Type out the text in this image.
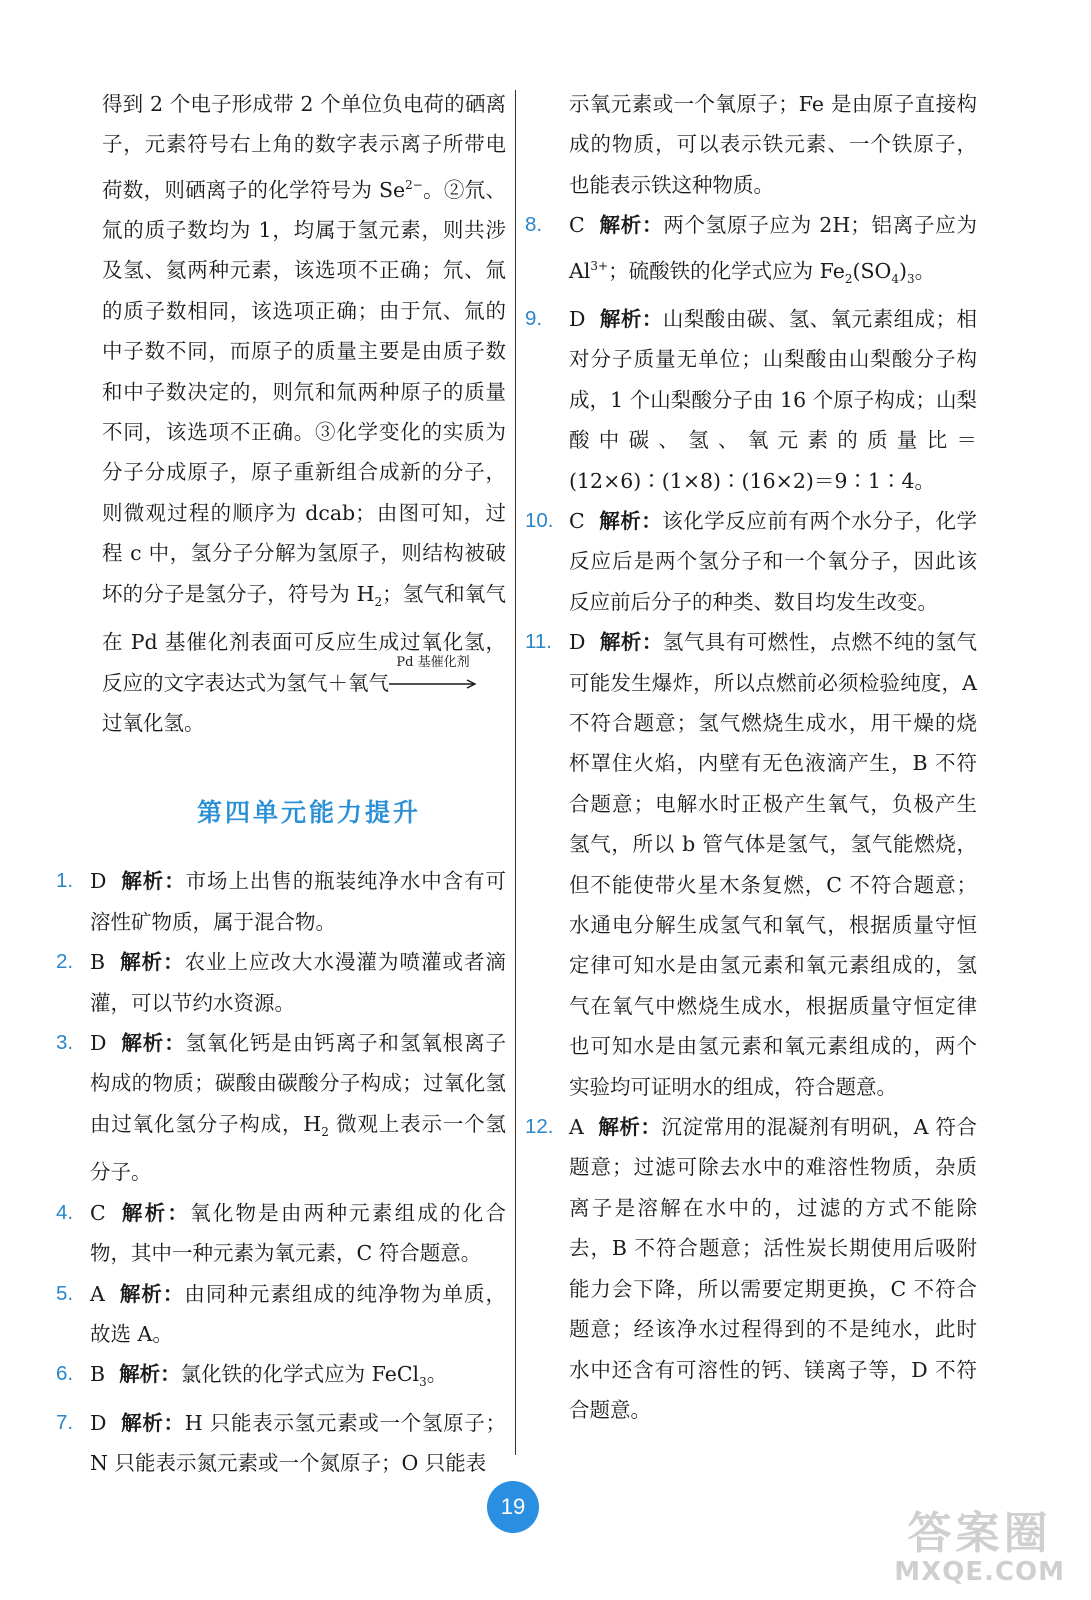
得到 2 个电子形成带 2 个单位负电荷的硒离子，元素符号右上角的数字表示离子所带电荷数，则硒离子的化学符号为 $Se^{2-}$。②氘、氚的质子数均为 1，均属于氢元素，则共涉及氢、氦两种元素，该选项不正确；氘、氚的质子数相同，该选项正确；由于氘、氚的中子数不同，而原子的质量主要是由质子数和中子数决定的，则氘和氚两种原子的质量不同，该选项不正确。③化学变化的实质为分子分成原子，原子重新组合成新的分子，则微观过程的顺序为 dcab；由图可知，过程 c 中，氢分子分解为氢原子，则结构被破坏的分子是氢分子，符号为 $H_2$；氢气和氧气在 Pd 基催化剂表面可反应生成过氧化氢，反应的文字表达式为氢气＋氧气
Pd 基催化剂

过氧化氢。

第四单元能力提升

1. D 解析：市场上出售的瓶装纯净水中含有可溶性矿物质，属于混合物。

2. B 解析：农业上应改大水漫灌为喷灌或者滴灌，可以节约水资源。

3. D 解析：氢氧化钙是由钙离子和氢氧根离子构成的物质；碳酸由碳酸分子构成；过氧化氢由过氧化氢分子构成，$H_2$ 微观上表示一个氢分子。

4. C 解析：氧化物是由两种元素组成的化合物，其中一种元素为氧元素，C 符合题意。

5. A 解析：由同种元素组成的纯净物为单质，故选 A。

6. B 解析：氯化铁的化学式应为 FeCl$_3$。

7. D 解析：H 只能表示氢元素或一个氢原子；N 只能表示氮元素或一个氮原子；O 只能表

示氧元素或一个氧原子；Fe 是由原子直接构成的物质，可以表示铁元素、一个铁原子，也能表示铁这种物质。

8. C 解析：两个氢原子应为 2H；铝离子应为 $Al^{3+}$；硫酸铁的化学式应为 $Fe_2(SO_4)_3$。

9. D 解析：山梨酸由碳、氢、氧元素组成；相对分子质量无单位；山梨酸由山梨酸分子构成，1 个山梨酸分子由 16 个原子构成；山梨酸中碳、氢、氧元素的质量比＝(12×6)∶(1×8)∶(16×2)＝9∶1∶4。

10. C 解析：该化学反应前有两个水分子，化学反应后是两个氢分子和一个氧分子，因此该反应前后分子的种类、数目均发生改变。

11. D 解析：氢气具有可燃性，点燃不纯的氢气可能发生爆炸，所以点燃前必须检验纯度，A 不符合题意；氢气燃烧生成水，用干燥的烧杯罩住火焰，内壁有无色液滴产生，B 不符合题意；电解水时正极产生氧气，负极产生氢气，所以 b 管气体是氢气，氢气能燃烧，但不能使带火星木条复燃，C 不符合题意；水通电分解生成氢气和氧气，根据质量守恒定律可知水是由氢元素和氧元素组成的，氢气在氧气中燃烧生成水，根据质量守恒定律也可知水是由氢元素和氧元素组成的，两个实验均可证明水的组成，符合题意。

12. A 解析：沉淀常用的混凝剂有明矾，A 符合题意；过滤可除去水中的难溶性物质，杂质离子是溶解在水中的，过滤的方式不能除去，B 不符合题意；活性炭长期使用后吸附能力会下降，所以需要定期更换，C 不符合题意；经该净水过程得到的不是纯水，此时水中还含有可溶性的钙、镁离子等，D 不符合题意。

19
答案圈
MXQE.COM
